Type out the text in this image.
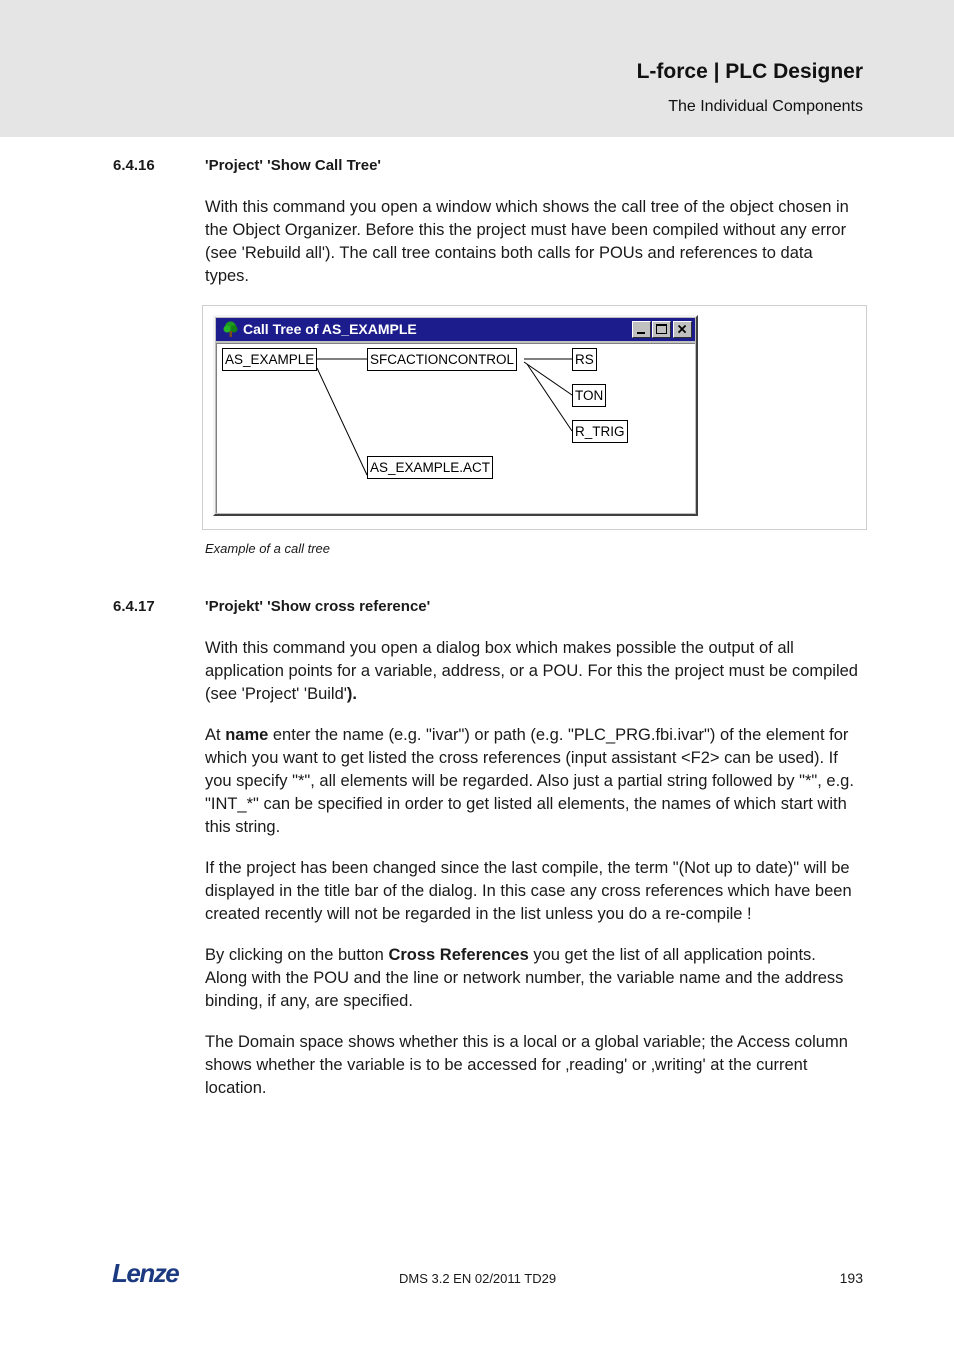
L-force | PLC Designer
The Individual Components
6.4.16	'Project' 'Show Call Tree'
With this command you open a window which shows the call tree of the object chosen in the Object Organizer. Before this the project must have been compiled without any error (see 'Rebuild all'). The call tree contains both calls for POUs and references to data types.
Call Tree of AS_EXAMPLE
AS_EXAMPLE	SFCACTIONCONTROL	RS
TON
R_TRIG
AS_EXAMPLE.ACT
Example of a call tree
6.4.17	'Projekt' 'Show cross reference'
With this command you open a dialog box which makes possible the output of all application points for a variable, address, or a POU. For this the project must be compiled (see 'Project' 'Build').
At name enter the name (e.g. "ivar") or path (e.g. "PLC_PRG.fbi.ivar") of the element for which you want to get listed the cross references (input assistant <F2> can be used). If you specify "*", all elements will be regarded. Also just a partial string followed by "*", e.g. "INT_*" can be specified in order to get listed all elements, the names of which start with this string.
If the project has been changed since the last compile, the term "(Not up to date)" will be displayed in the title bar of the dialog. In this case any cross references which have been created recently will not be regarded in the list unless you do a re-compile !
By clicking on the button Cross References you get the list of all application points. Along with the POU and the line or network number, the variable name and the address binding, if any, are specified.
The Domain space shows whether this is a local or a global variable; the Access column shows whether the variable is to be accessed for ‚reading' or ‚writing' at the current location.
Lenze	DMS 3.2 EN 02/2011 TD29	193
